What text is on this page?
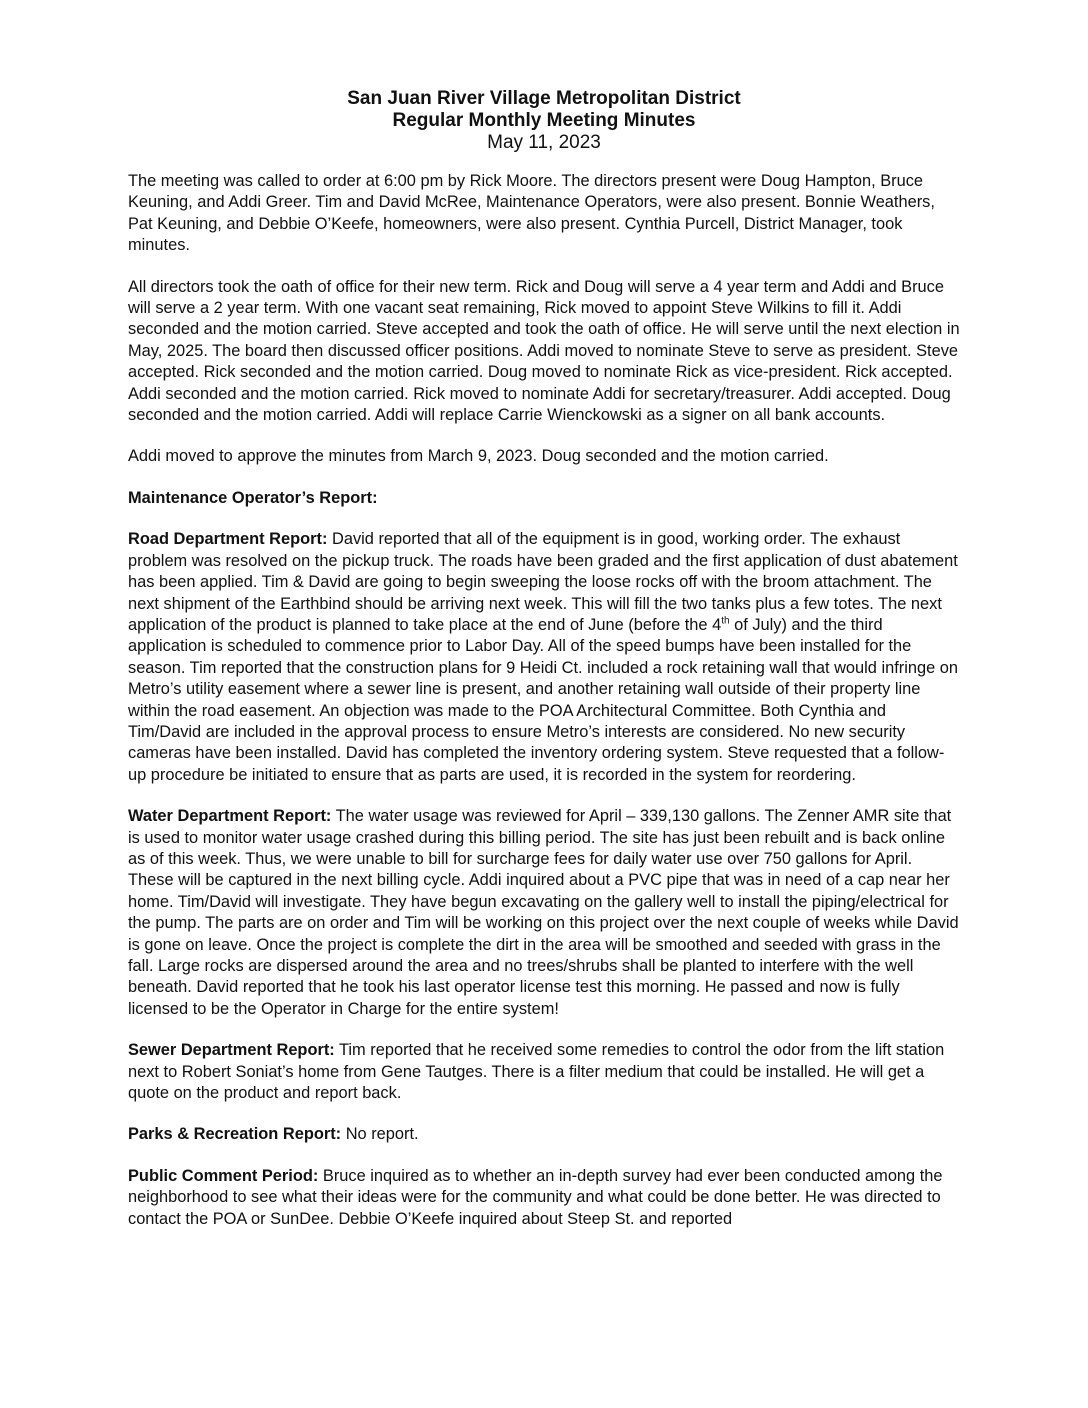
San Juan River Village Metropolitan District
Regular Monthly Meeting Minutes
May 11, 2023

The meeting was called to order at 6:00 pm by Rick Moore. The directors present were Doug Hampton, Bruce Keuning, and Addi Greer. Tim and David McRee, Maintenance Operators, were also present. Bonnie Weathers, Pat Keuning, and Debbie O’Keefe, homeowners, were also present. Cynthia Purcell, District Manager, took minutes.

All directors took the oath of office for their new term. Rick and Doug will serve a 4 year term and Addi and Bruce will serve a 2 year term. With one vacant seat remaining, Rick moved to appoint Steve Wilkins to fill it. Addi seconded and the motion carried. Steve accepted and took the oath of office. He will serve until the next election in May, 2025. The board then discussed officer positions. Addi moved to nominate Steve to serve as president. Steve accepted. Rick seconded and the motion carried. Doug moved to nominate Rick as vice-president. Rick accepted. Addi seconded and the motion carried. Rick moved to nominate Addi for secretary/treasurer. Addi accepted. Doug seconded and the motion carried. Addi will replace Carrie Wienckowski as a signer on all bank accounts.

Addi moved to approve the minutes from March 9, 2023. Doug seconded and the motion carried.

Maintenance Operator’s Report:

Road Department Report: David reported that all of the equipment is in good, working order. The exhaust problem was resolved on the pickup truck. The roads have been graded and the first application of dust abatement has been applied. Tim & David are going to begin sweeping the loose rocks off with the broom attachment. The next shipment of the Earthbind should be arriving next week. This will fill the two tanks plus a few totes. The next application of the product is planned to take place at the end of June (before the 4th of July) and the third application is scheduled to commence prior to Labor Day. All of the speed bumps have been installed for the season. Tim reported that the construction plans for 9 Heidi Ct. included a rock retaining wall that would infringe on Metro’s utility easement where a sewer line is present, and another retaining wall outside of their property line within the road easement. An objection was made to the POA Architectural Committee. Both Cynthia and Tim/David are included in the approval process to ensure Metro’s interests are considered. No new security cameras have been installed. David has completed the inventory ordering system. Steve requested that a follow-up procedure be initiated to ensure that as parts are used, it is recorded in the system for reordering.

Water Department Report: The water usage was reviewed for April – 339,130 gallons. The Zenner AMR site that is used to monitor water usage crashed during this billing period. The site has just been rebuilt and is back online as of this week. Thus, we were unable to bill for surcharge fees for daily water use over 750 gallons for April. These will be captured in the next billing cycle. Addi inquired about a PVC pipe that was in need of a cap near her home. Tim/David will investigate. They have begun excavating on the gallery well to install the piping/electrical for the pump. The parts are on order and Tim will be working on this project over the next couple of weeks while David is gone on leave. Once the project is complete the dirt in the area will be smoothed and seeded with grass in the fall. Large rocks are dispersed around the area and no trees/shrubs shall be planted to interfere with the well beneath. David reported that he took his last operator license test this morning. He passed and now is fully licensed to be the Operator in Charge for the entire system!

Sewer Department Report: Tim reported that he received some remedies to control the odor from the lift station next to Robert Soniat’s home from Gene Tautges. There is a filter medium that could be installed. He will get a quote on the product and report back.

Parks & Recreation Report: No report.

Public Comment Period: Bruce inquired as to whether an in-depth survey had ever been conducted among the neighborhood to see what their ideas were for the community and what could be done better. He was directed to contact the POA or SunDee. Debbie O’Keefe inquired about Steep St. and reported
